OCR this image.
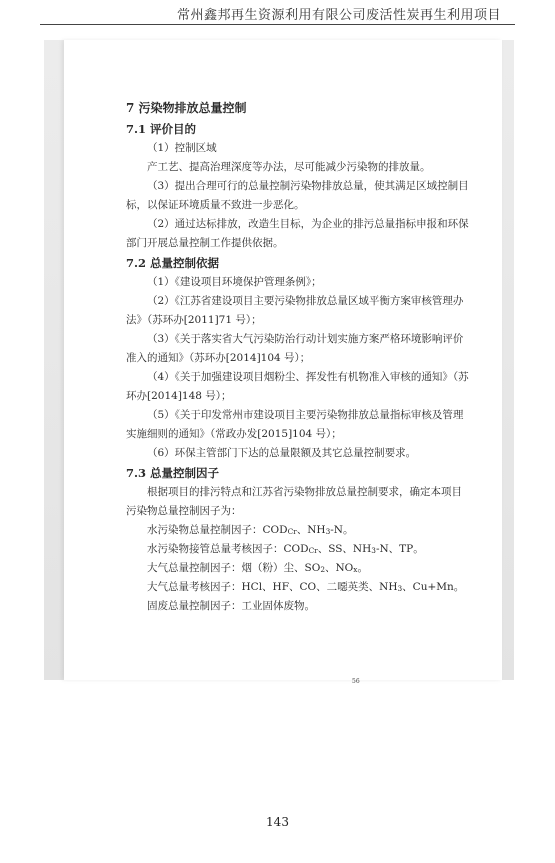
常州鑫邦再生资源利用有限公司废活性炭再生利用项目
7 污染物排放总量控制
7.1 评价目的

（1）控制区域

产工艺、提高治理深度等办法，尽可能减少污染物的排放量。

（3）提出合理可行的总量控制污染物排放总量，使其满足区域控制目标，以保证环境质量不致进一步恶化。

（2）通过达标排放，改造生目标，为企业的排污总量指标申报和环保部门开展总量控制工作提供依据。

7.2 总量控制依据

（1）《建设项目环境保护管理条例》；

（2）《江苏省建设项目主要污染物排放总量区域平衡方案审核管理办法》（苏环办[2011]71 号）；

（3）《关于落实省大气污染防治行动计划实施方案严格环境影响评价准入的通知》（苏环办[2014]104 号）；

（4）《关于加强建设项目烟粉尘、挥发性有机物准入审核的通知》（苏环办[2014]148 号）；

（5）《关于印发常州市建设项目主要污染物排放总量指标审核及管理实施细则的通知》（常政办发[2015]104 号）；

（6）环保主管部门下达的总量限额及其它总量控制要求。

7.3 总量控制因子

根据项目的排污特点和江苏省污染物排放总量控制要求，确定本项目污染物总量控制因子为：

水污染物总量控制因子：$COD_{Cr}$、$NH_3-N$。

水污染物接管总量考核因子：$COD_{Cr}$、SS、$NH_3-N$、TP。

大气总量控制因子：烟（粉）尘、$SO_2$、$NO_x$。

大气总量考核因子：HCl、HF、CO、二噁英类、$NH_3$、Cu+Mn。

固废总量控制因子：工业固体废物。

56
143
